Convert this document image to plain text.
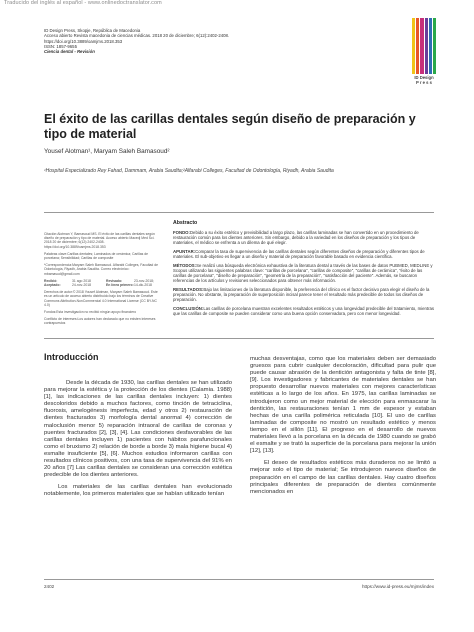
Traducido del inglés al español - www.onlinedoctranslator.com
ID Design Press, Skopje, República de Macedonia
Acceso abierto Revista macedonia de ciencias médicas. 2018 20 de diciembre; 6(12):2402-2408.
https://doi.org/10.3889/oamjms.2018.353
ISSN: 1857-9655
Ciencia dental - Revisión
ID Design
P r e s s
El éxito de las carillas dentales según diseño de preparación y tipo de material
Yousef Alotman¹, Maryam Saleh Bamasoud²
¹Hospital Especializado Rey Fahad, Dammam, Arabia Saudita;²Alfarabi Colleges, Facultad de Odontología, Riyadh, Arabia Saudita

Citación:Alotman Y, Bamasoud MS. El éxito de las carillas dentales según diseño de preparación y tipo de material. Acceso abierto Macedj Med Sci. 2018 20 de diciembre; 6(12):2402-2408. https://doi.org/10.3889/oamjms.2018.353

Palabras clave:Carillas dentales; Laminados de cerámica; Carillas de porcelana; Sensibilidad; Carillas de composite

*Correspondencia:Maryam Saleh Bamasoud. Alfarabi Colleges, Facultad de Odontología, Riyadh, Arabia Saudita. Correo electrónico: mbamasud@gmail.com

Recibió:	31 ago 2018	Revisado:	23-nov-2018;
Aceptado:	24-nov-2018	En línea primero: 14-dic-2018

Derechos de autor:© 2018 Yousef Alotman, Maryam Saleh Bamasoud. Este es un artículo de acceso abierto distribuido bajo los términos de Creative Commons Attribution-NonCommercial 4.0 International License (CC BY-NC 4.0)

Fondos:Esta investigación no recibió ningún apoyo financiero

Conflicto de intereses:Los autores han declarado que no existen intereses contrapuestos

Abstracto

FONDO:Debido a su éxito estético y previsibilidad a largo plazo, las carillas laminadas se han convertido en un procedimiento de restauración común para los dientes anteriores. Sin embargo, debido a la variedad en los diseños de preparación y los tipos de materiales, el médico se enfrenta a un dilema de qué elegir.

APUNTAR:Comparar la tasa de supervivencia de las carillas dentales según diferentes diseños de preparación y diferentes tipos de materiales. El sub-objetivo es llegar a un diseño y material de preparación favorable basado en evidencia científica.

MÉTODOS:Se realizó una búsqueda electrónica exhaustiva de la literatura dental a través de las bases de datos PUBMED, MEDLINE y Scopus utilizando las siguientes palabras clave: "carillas de porcelana", "carillas de composite", "carillas de cerámica", "éxito de las carillas de porcelana", "diseño de preparación", "geometría de la preparación", "satisfacción del paciente". Además, se buscaron referencias de los artículos y revisiones seleccionados para obtener más información.

RESULTADOS:Bajo las limitaciones de la literatura disponible, la preferencia del clínico es el factor decisivo para elegir el diseño de la preparación. No obstante, la preparación de superposición incisal parece tener el resultado más predecible de todos los diseños de preparación.

CONCLUSIÓN:Las carillas de porcelana muestran excelentes resultados estéticos y una longevidad predecible del tratamiento, mientras que las carillas de composite se pueden considerar como una buena opción conservadora, pero con menor longevidad.

Introducción

Desde la década de 1930, las carillas dentales se han utilizado para mejorar la estética y la protección de los dientes (Calamia. 1988) [1], las indicaciones de las carillas dentales incluyen: 1) dientes descoloridos debido a muchos factores, como tinción de tetraciclina, fluorosis, amelogénesis imperfecta, edad y otros 2) restauración de dientes fracturados 3) morfología dental anormal 4) corrección de maloclusión menor 5) reparación intraoral de carillas de coronas y puentes fracturados [2], [3], [4]. Las condiciones desfavorables de las carillas dentales incluyen 1) pacientes con hábitos parafuncionales como el bruxismo 2) relación de borde a borde 3) mala higiene bucal 4) esmalte insuficiente [5], [6]. Muchos estudios informaron carillas con resultados clínicos positivos, con una tasa de supervivencia del 91% en 20 años [7] Las carillas dentales se consideran una corrección estética predecible de los dientes anteriores.

Los materiales de las carillas dentales han evolucionado notablemente, los primeros materiales que se habían utilizado tenían

muchas desventajas, como que los materiales deben ser demasiado gruesos para cubrir cualquier decoloración, dificultad para pulir que puede causar abrasión de la dentición antagonista y falta de tinte [8], [9]. Los investigadores y fabricantes de materiales dentales se han propuesto desarrollar nuevos materiales con mejores características estéticas a lo largo de los años. En 1975, las carillas laminadas se introdujeron como un mejor material de elección para enmascarar la dentición, las restauraciones tenían 1 mm de espesor y estaban hechas de una carilla polimérica reticulada [10]. El uso de carillas laminadas de composite no mostró un resultado estético y menos tiempo en el sillón [11]. El progreso en el desarrollo de nuevos materiales llevó a la porcelana en la década de 1980 cuando se grabó el esmalte y se trató la superficie de la porcelana para mejorar la unión [12], [13].

El deseo de resultados estéticos más duraderos no se limitó a mejorar solo el tipo de material; Se introdujeron nuevos diseños de preparación en el campo de las carillas dentales. Hay cuatro diseños principales diferentes de preparación de dientes comúnmente mencionados en

2402	https://www.id-press.eu/mjms/index
